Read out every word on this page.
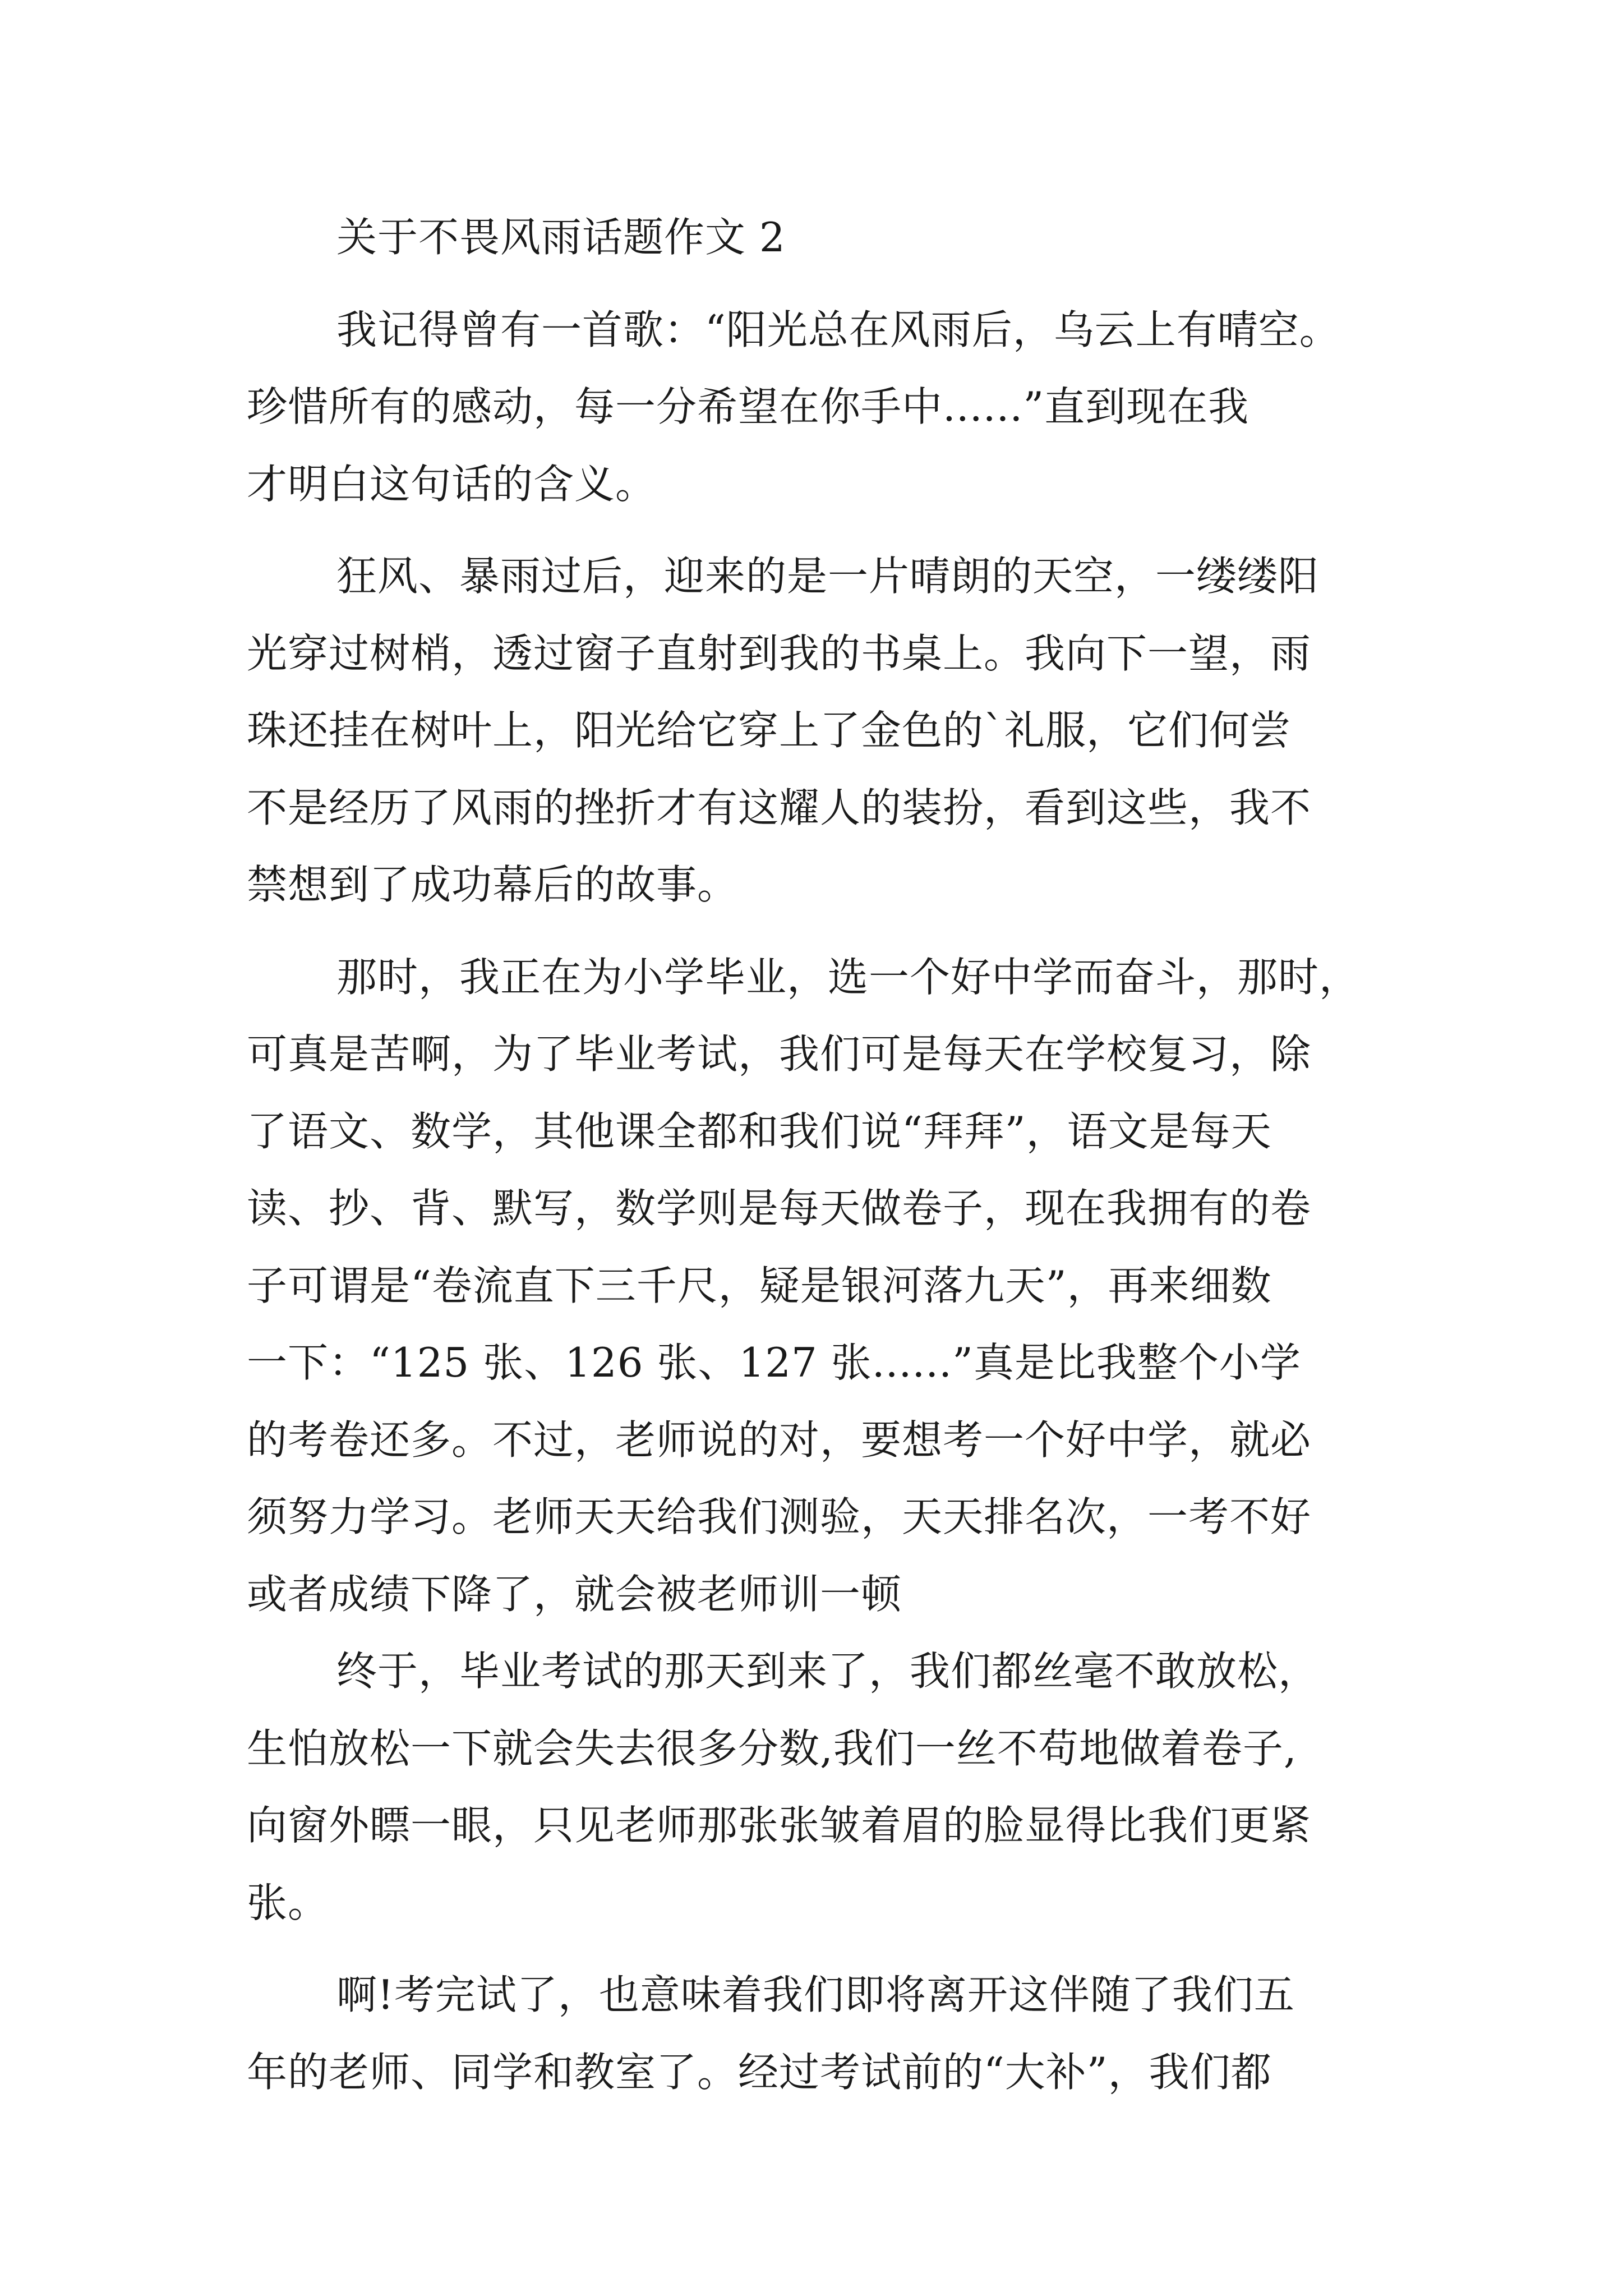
关于不畏风雨话题作文 2
我记得曾有一首歌：“阳光总在风雨后，乌云上有晴空。
珍惜所有的感动，每一分希望在你手中......”直到现在我
才明白这句话的含义。
狂风、暴雨过后，迎来的是一片晴朗的天空，一缕缕阳
光穿过树梢，透过窗子直射到我的书桌上。我向下一望，雨
珠还挂在树叶上，阳光给它穿上了金色的`礼服，它们何尝
不是经历了风雨的挫折才有这耀人的装扮，看到这些，我不
禁想到了成功幕后的故事。
那时，我正在为小学毕业，选一个好中学而奋斗，那时，
可真是苦啊，为了毕业考试，我们可是每天在学校复习，除
了语文、数学，其他课全都和我们说“拜拜”，语文是每天
读、抄、背、默写，数学则是每天做卷子，现在我拥有的卷
子可谓是“卷流直下三千尺，疑是银河落九天”，再来细数
一下：“125 张、126 张、127 张......”真是比我整个小学
的考卷还多。不过，老师说的对，要想考一个好中学，就必
须努力学习。老师天天给我们测验，天天排名次，一考不好
或者成绩下降了，就会被老师训一顿
终于，毕业考试的那天到来了，我们都丝毫不敢放松，
生怕放松一下就会失去很多分数,我们一丝不苟地做着卷子,
向窗外瞟一眼，只见老师那张张皱着眉的脸显得比我们更紧
张。
啊!考完试了，也意味着我们即将离开这伴随了我们五
年的老师、同学和教室了。经过考试前的“大补”，我们都
